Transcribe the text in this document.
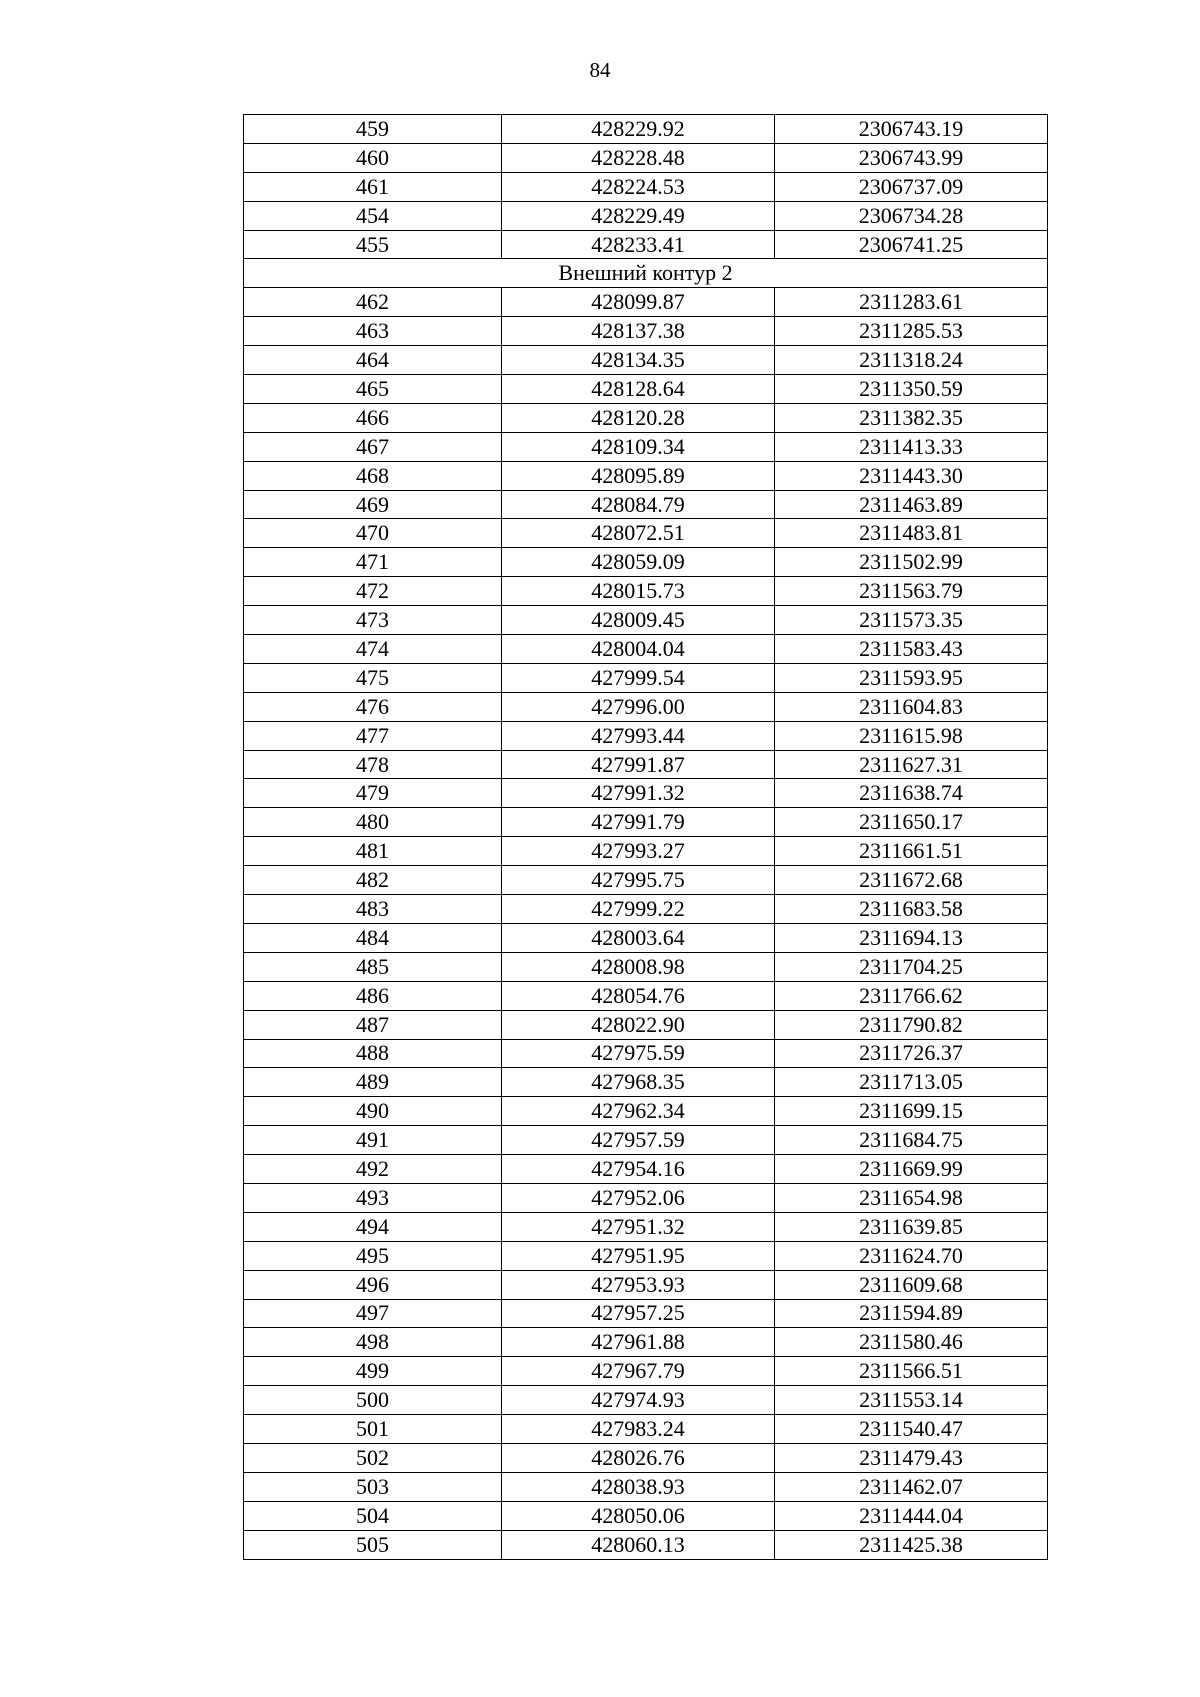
84
459	428229.92	2306743.19
460	428228.48	2306743.99
461	428224.53	2306737.09
454	428229.49	2306734.28
455	428233.41	2306741.25
Внешний контур 2		
462	428099.87	2311283.61
463	428137.38	2311285.53
464	428134.35	2311318.24
465	428128.64	2311350.59
466	428120.28	2311382.35
467	428109.34	2311413.33
468	428095.89	2311443.30
469	428084.79	2311463.89
470	428072.51	2311483.81
471	428059.09	2311502.99
472	428015.73	2311563.79
473	428009.45	2311573.35
474	428004.04	2311583.43
475	427999.54	2311593.95
476	427996.00	2311604.83
477	427993.44	2311615.98
478	427991.87	2311627.31
479	427991.32	2311638.74
480	427991.79	2311650.17
481	427993.27	2311661.51
482	427995.75	2311672.68
483	427999.22	2311683.58
484	428003.64	2311694.13
485	428008.98	2311704.25
486	428054.76	2311766.62
487	428022.90	2311790.82
488	427975.59	2311726.37
489	427968.35	2311713.05
490	427962.34	2311699.15
491	427957.59	2311684.75
492	427954.16	2311669.99
493	427952.06	2311654.98
494	427951.32	2311639.85
495	427951.95	2311624.70
496	427953.93	2311609.68
497	427957.25	2311594.89
498	427961.88	2311580.46
499	427967.79	2311566.51
500	427974.93	2311553.14
501	427983.24	2311540.47
502	428026.76	2311479.43
503	428038.93	2311462.07
504	428050.06	2311444.04
505	428060.13	2311425.38
